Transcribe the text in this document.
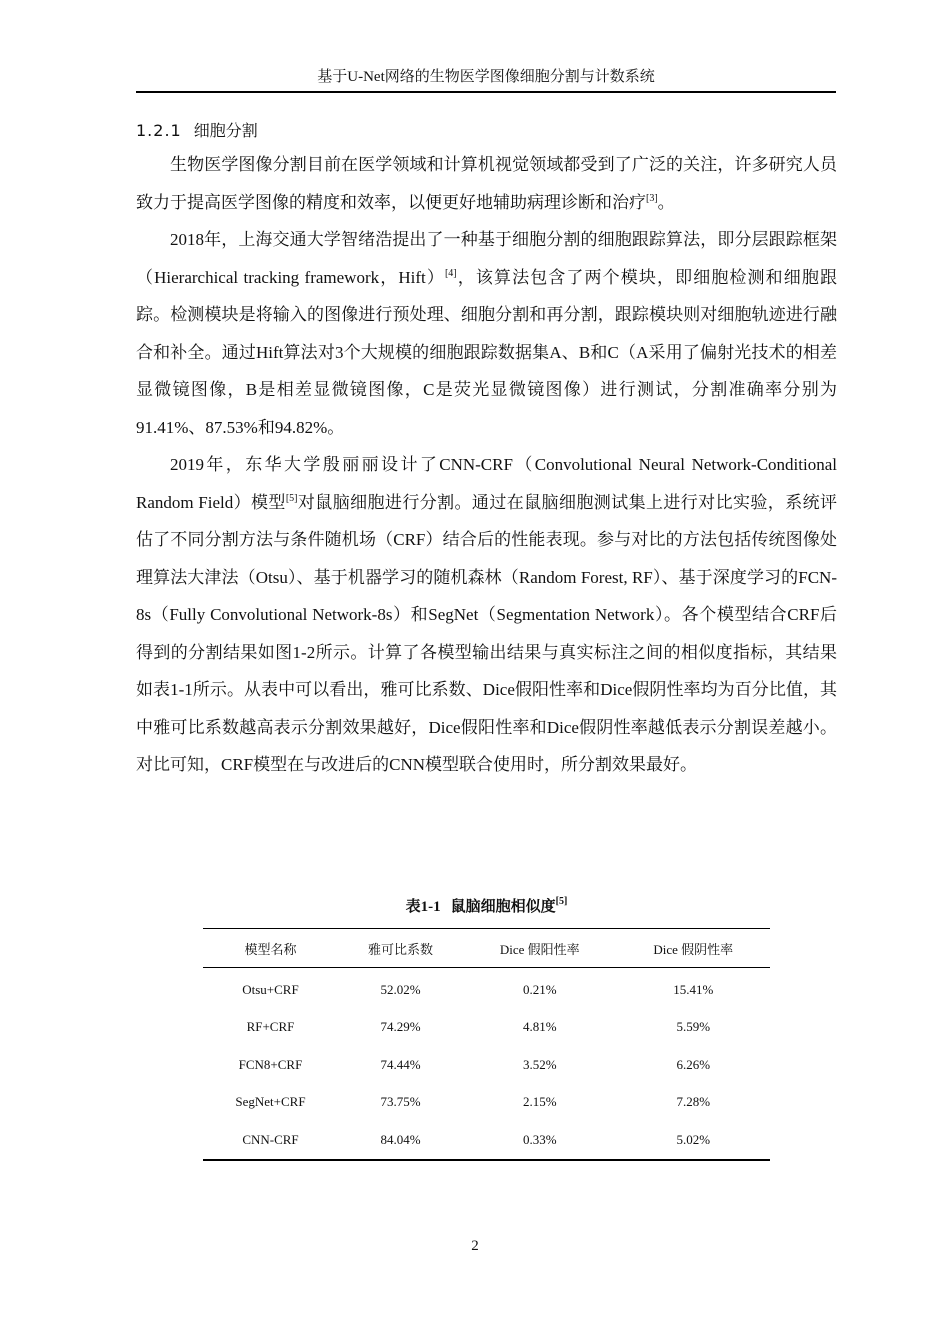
基于U-Net网络的生物医学图像细胞分割与计数系统
1.2.1 细胞分割

生物医学图像分割目前在医学领域和计算机视觉领域都受到了广泛的关注，许多研究人员致力于提高医学图像的精度和效率，以便更好地辅助病理诊断和治疗[3]。

2018年，上海交通大学智绪浩提出了一种基于细胞分割的细胞跟踪算法，即分层跟踪框架（Hierarchical tracking framework，Hift）[4]，该算法包含了两个模块，即细胞检测和细胞跟踪。检测模块是将输入的图像进行预处理、细胞分割和再分割，跟踪模块则对细胞轨迹进行融合和补全。通过Hift算法对3个大规模的细胞跟踪数据集A、B和C（A采用了偏射光技术的相差显微镜图像，B是相差显微镜图像，C是荧光显微镜图像）进行测试，分割准确率分别为91.41%、87.53%和94.82%。

2019年，东华大学殷丽丽设计了CNN-CRF（Convolutional Neural Network-Conditional Random Field）模型[5]对鼠脑细胞进行分割。通过在鼠脑细胞测试集上进行对比实验，系统评估了不同分割方法与条件随机场（CRF）结合后的性能表现。参与对比的方法包括传统图像处理算法大津法（Otsu）、基于机器学习的随机森林（Random Forest, RF）、基于深度学习的FCN-8s（Fully Convolutional Network-8s）和SegNet（Segmentation Network）。各个模型结合CRF后得到的分割结果如图1-2所示。计算了各模型输出结果与真实标注之间的相似度指标，其结果如表1-1所示。从表中可以看出，雅可比系数、Dice假阳性率和Dice假阴性率均为百分比值，其中雅可比系数越高表示分割效果越好，Dice假阳性率和Dice假阴性率越低表示分割误差越小。对比可知，CRF模型在与改进后的CNN模型联合使用时，所分割效果最好。

表1-1 鼠脑细胞相似度[5]
模型名称	雅可比系数	Dice 假阳性率	Dice 假阴性率
Otsu+CRF	52.02%	0.21%	15.41%
RF+CRF	74.29%	4.81%	5.59%
FCN8+CRF	74.44%	3.52%	6.26%
SegNet+CRF	73.75%	2.15%	7.28%
CNN-CRF	84.04%	0.33%	5.02%
2
